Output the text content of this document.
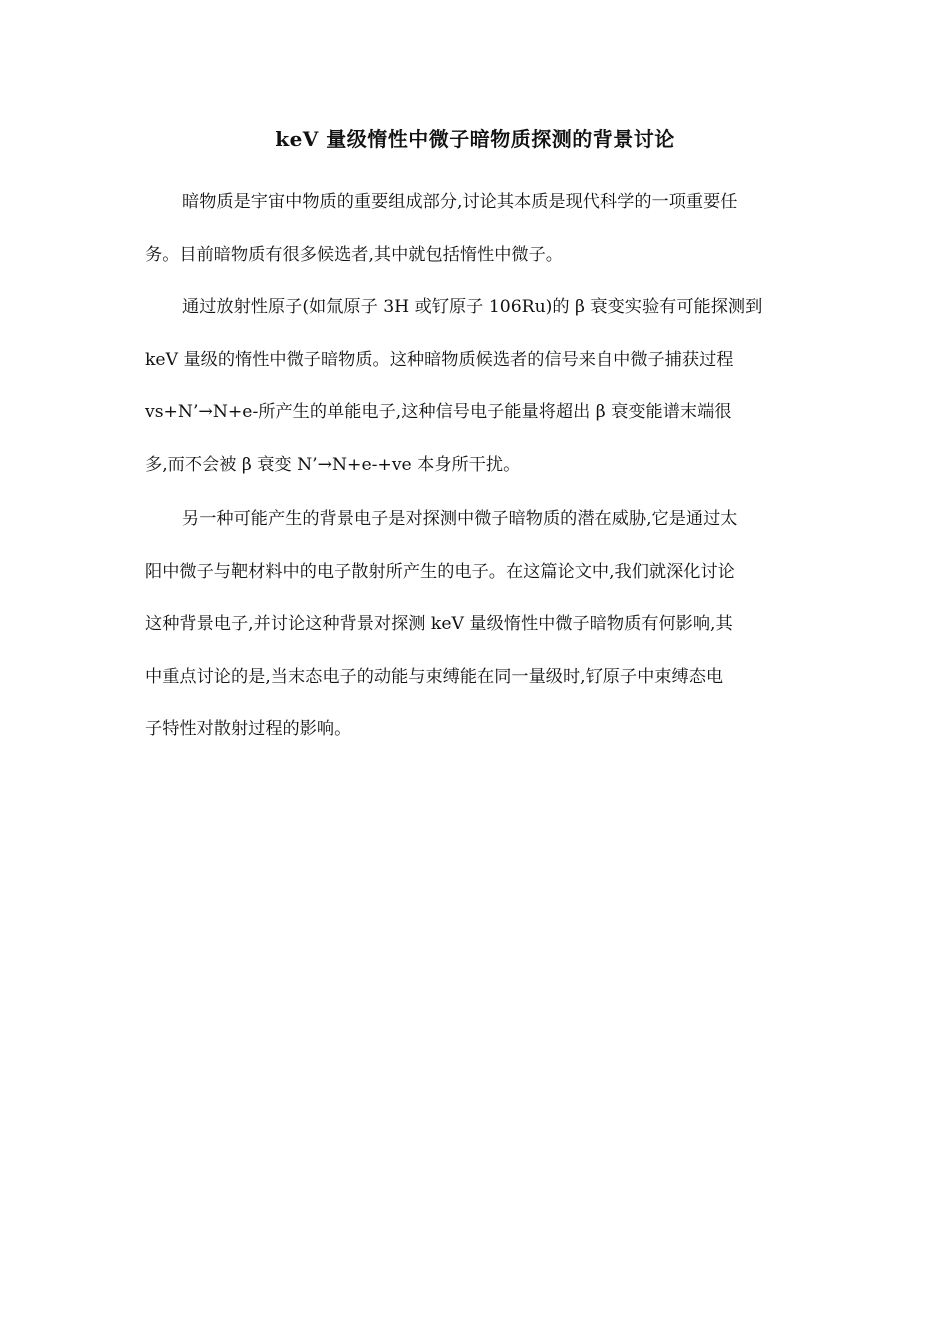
keV 量级惰性中微子暗物质探测的背景讨论
暗物质是宇宙中物质的重要组成部分,讨论其本质是现代科学的一项重要任
务。目前暗物质有很多候选者,其中就包括惰性中微子。
通过放射性原子(如氚原子 3H 或钌原子 106Ru)的 β 衰变实验有可能探测到
keV 量级的惰性中微子暗物质。这种暗物质候选者的信号来自中微子捕获过程
vs+N’→N+e-所产生的单能电子,这种信号电子能量将超出 β 衰变能谱末端很
多,而不会被 β 衰变 N’→N+e-+ve 本身所干扰。
另一种可能产生的背景电子是对探测中微子暗物质的潜在威胁,它是通过太
阳中微子与靶材料中的电子散射所产生的电子。在这篇论文中,我们就深化讨论
这种背景电子,并讨论这种背景对探测 keV 量级惰性中微子暗物质有何影响,其
中重点讨论的是,当末态电子的动能与束缚能在同一量级时,钌原子中束缚态电
子特性对散射过程的影响。
